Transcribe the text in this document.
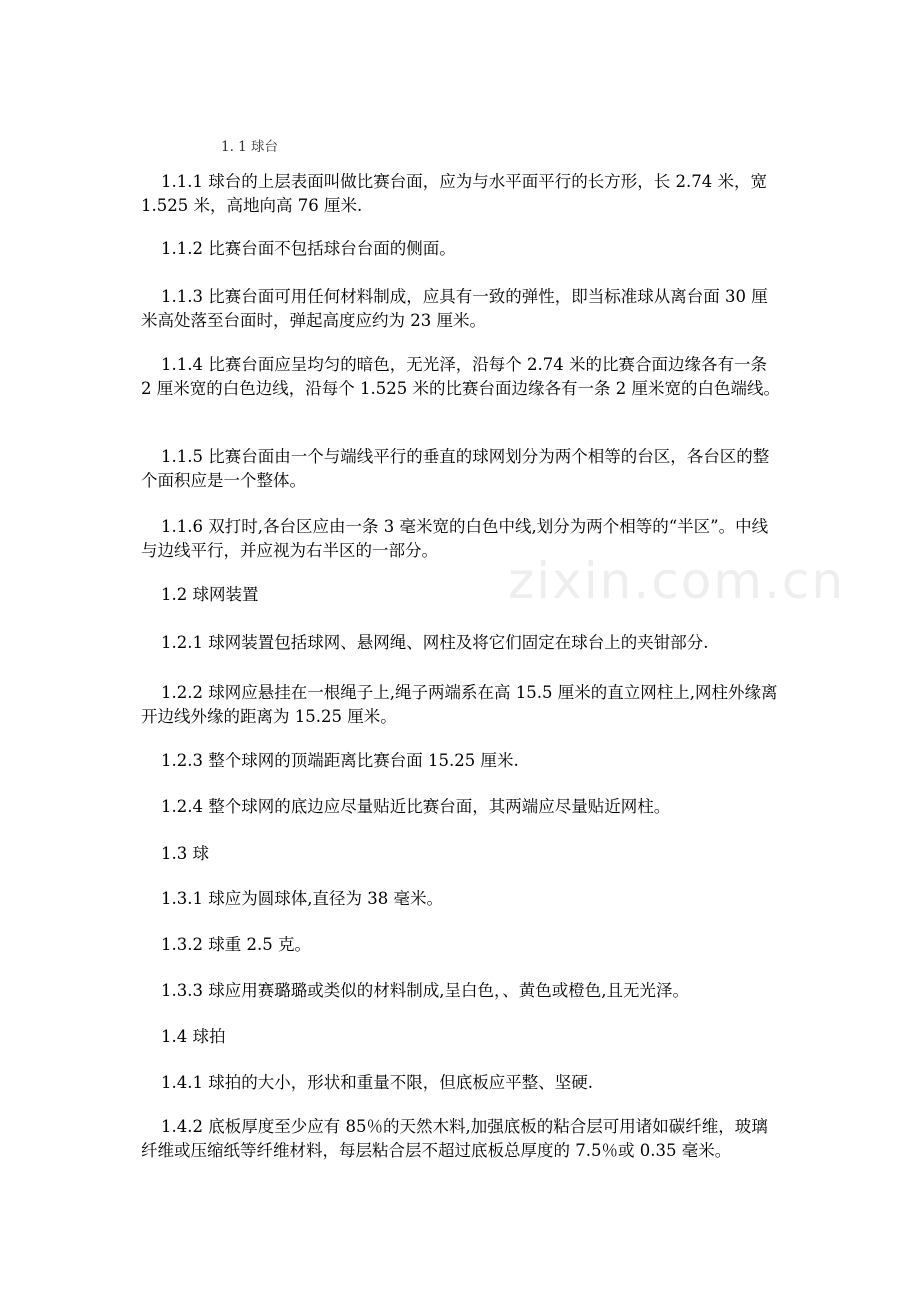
zixin.com.cn

1. 1 球台

1.1.1 球台的上层表面叫做比赛台面，应为与水平面平行的长方形，长 2.74 米，宽 1.525 米，高地向高 76 厘米.

1.1.2 比赛台面不包括球台台面的侧面。

1.1.3 比赛台面可用任何材料制成，应具有一致的弹性，即当标准球从离台面 30 厘米高处落至台面时，弹起高度应约为 23 厘米。

1.1.4 比赛台面应呈均匀的暗色，无光泽，沿每个 2.74 米的比赛合面边缘各有一条 2 厘米宽的白色边线，沿每个 1.525 米的比赛台面边缘各有一条 2 厘米宽的白色端线。

1.1.5 比赛台面由一个与端线平行的垂直的球网划分为两个相等的台区，各台区的整个面积应是一个整体。

1.1.6 双打时,各台区应由一条 3 毫米宽的白色中线,划分为两个相等的“半区”。中线与边线平行，并应视为右半区的一部分。

1.2 球网装置

1.2.1 球网装置包括球网、悬网绳、网柱及将它们固定在球台上的夹钳部分.

1.2.2 球网应悬挂在一根绳子上,绳子两端系在高 15.5 厘米的直立网柱上,网柱外缘离开边线外缘的距离为 15.25 厘米。

1.2.3 整个球网的顶端距离比赛台面 15.25 厘米.

1.2.4 整个球网的底边应尽量贴近比赛台面，其两端应尽量贴近网柱。

1.3 球

1.3.1 球应为圆球体,直径为 38 毫米。

1.3.2 球重 2.5 克。

1.3.3 球应用赛璐璐或类似的材料制成,呈白色，、黄色或橙色,且无光泽。

1.4 球拍

1.4.1 球拍的大小，形状和重量不限，但底板应平整、坚硬.

1.4.2 底板厚度至少应有 85％的天然木料,加强底板的粘合层可用诸如碳纤维，玻璃纤维或压缩纸等纤维材料，每层粘合层不超过底板总厚度的 7.5％或 0.35 毫米。
